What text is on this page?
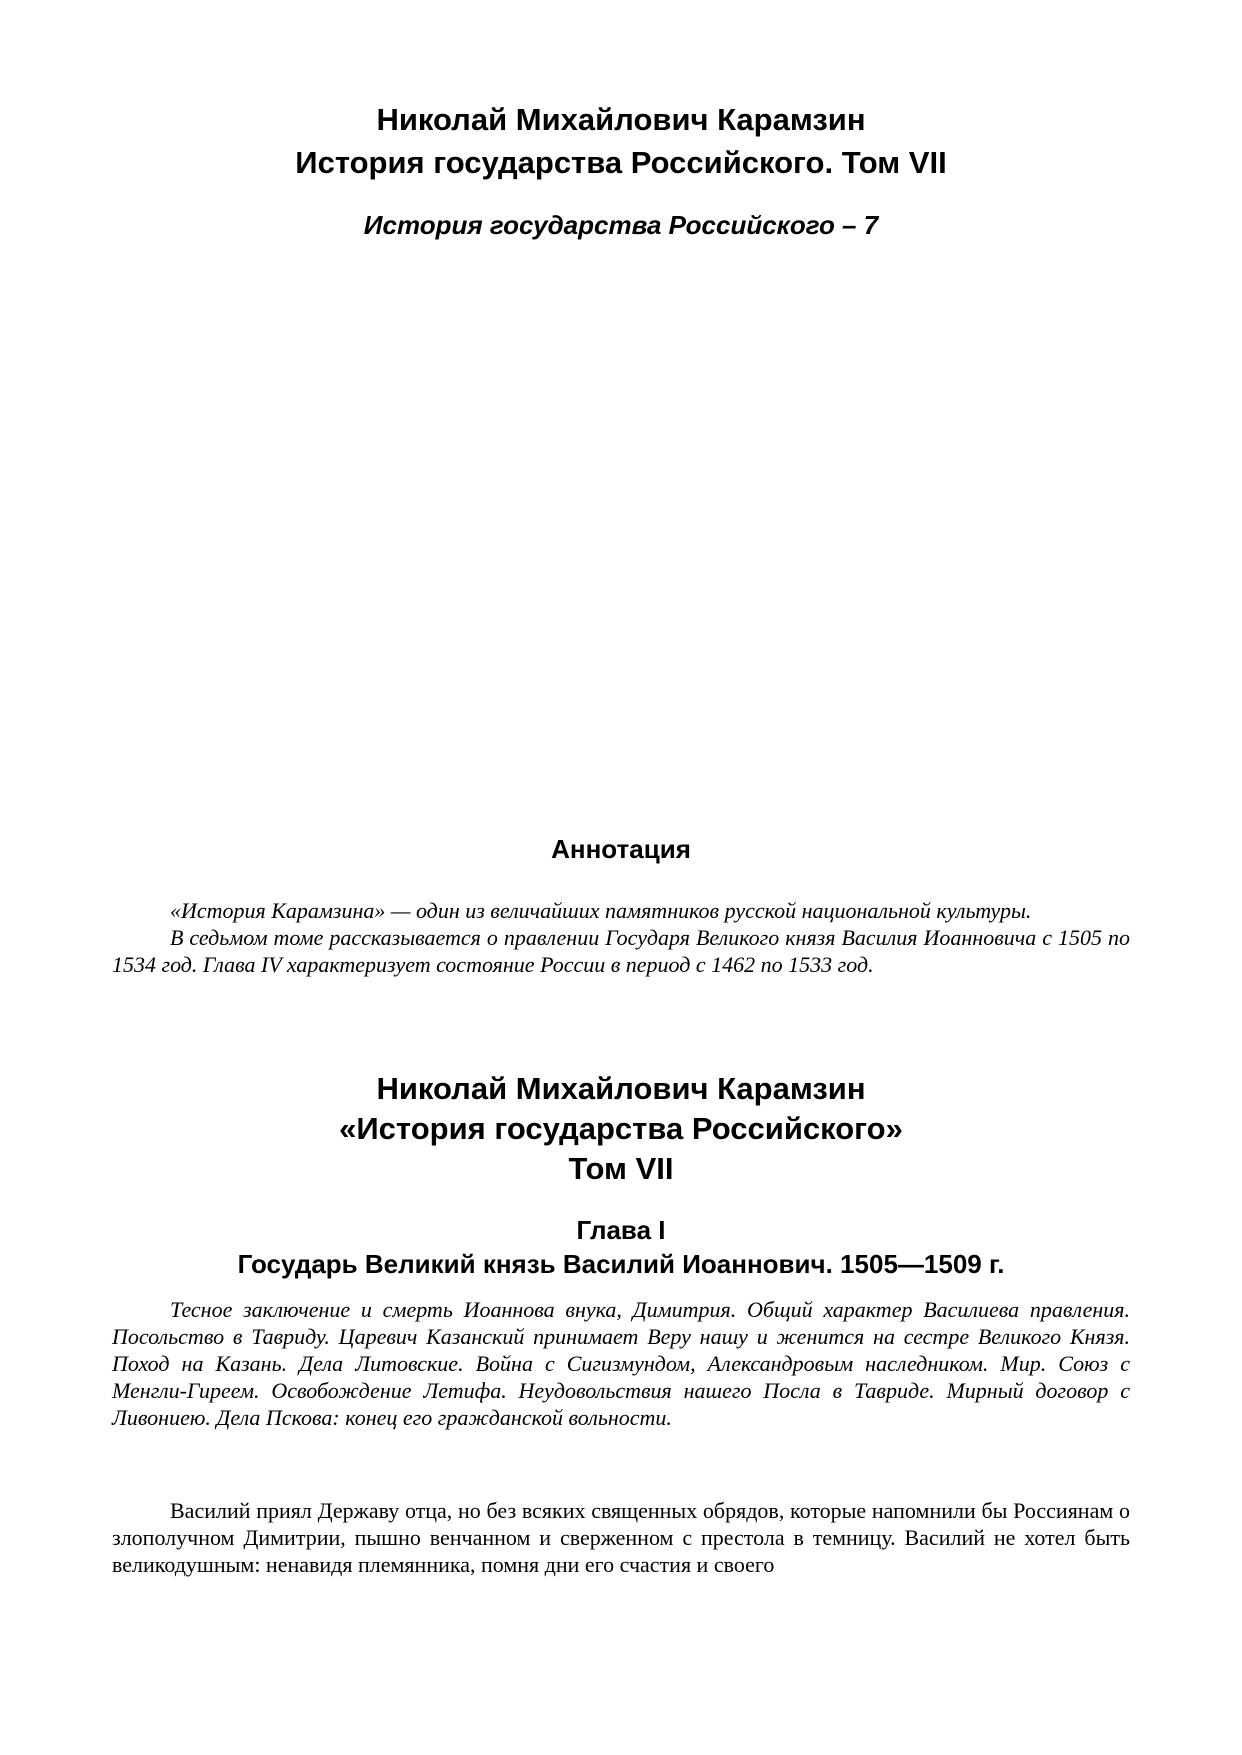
Николай Михайлович Карамзин
История государства Российского. Том VII
История государства Российского – 7
Аннотация

«История Карамзина» — один из величайших памятников русской национальной культуры.

В седьмом томе рассказывается о правлении Государя Великого князя Василия Иоанновича с 1505 по 1534 год. Глава IV характеризует состояние России в период с 1462 по 1533 год.

Николай Михайлович Карамзин
«История государства Российского»
Том VII
Глава I
Государь Великий князь Василий Иоаннович. 1505—1509 г.

Тесное заключение и смерть Иоаннова внука, Димитрия. Общий характер Василиева правления. Посольство в Тавриду. Царевич Казанский принимает Веру нашу и женится на сестре Великого Князя. Поход на Казань. Дела Литовские. Война с Сигизмундом, Александровым наследником. Мир. Союз с Менгли-Гиреем. Освобождение Летифа. Неудовольствия нашего Посла в Тавриде. Мирный договор с Ливониею. Дела Пскова: конец его гражданской вольности.

Василий приял Державу отца, но без всяких священных обрядов, которые напомнили бы Россиянам о злополучном Димитрии, пышно венчанном и сверженном с престола в темницу. Василий не хотел быть великодушным: ненавидя племянника, помня дни его счастия и своего
